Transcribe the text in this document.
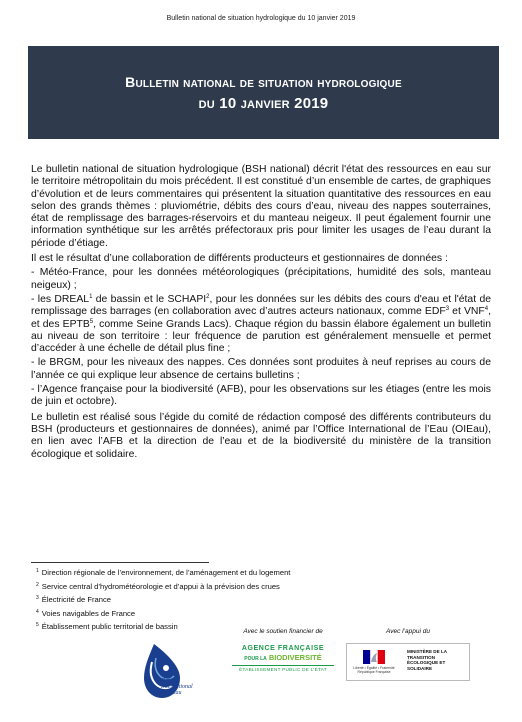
Bulletin national de situation hydrologique du 10 janvier 2019
Bulletin national de situation hydrologique
du 10 janvier 2019

Le bulletin national de situation hydrologique (BSH national) décrit l'état des ressources en eau sur le territoire métropolitain du mois précédent. Il est constitué d’un ensemble de cartes, de graphiques d’évolution et de leurs commentaires qui présentent la situation quantitative des ressources en eau selon des grands thèmes : pluviométrie, débits des cours d’eau, niveau des nappes souterraines, état de remplissage des barrages-réservoirs et du manteau neigeux. Il peut également fournir une information synthétique sur les arrêtés préfectoraux pris pour limiter les usages de l’eau durant la période d’étiage.

Il est le résultat d’une collaboration de différents producteurs et gestionnaires de données :

- Météo-France, pour les données météorologiques (précipitations, humidité des sols, manteau neigeux) ;

- les DREAL$^1$ de bassin et le SCHAPI$^2$, pour les données sur les débits des cours d'eau et l'état de remplissage des barrages (en collaboration avec d’autres acteurs nationaux, comme EDF$^3$ et VNF$^4$, et des EPTB$^5$, comme Seine Grands Lacs). Chaque région du bassin élabore également un bulletin au niveau de son territoire : leur fréquence de parution est généralement mensuelle et permet d’accéder à une échelle de détail plus fine ;

- le BRGM, pour les niveaux des nappes. Ces données sont produites à neuf reprises au cours de l’année ce qui explique leur absence de certains bulletins ;

- l’Agence française pour la biodiversité (AFB), pour les observations sur les étiages (entre les mois de juin et octobre).

Le bulletin est réalisé sous l’égide du comité de rédaction composé des différents contributeurs du BSH (producteurs et gestionnaires de données), animé par l’Office International de l’Eau (OIEau), en lien avec l’AFB et la direction de l’eau et de la biodiversité du ministère de la transition écologique et solidaire.

$^1$ Direction régionale de l’environnement, de l’aménagement et du logement
$^2$ Service central d’hydrométéorologie et d’appui à la prévision des crues
$^3$ Électricité de France
$^4$ Voies navigables de France
$^5$ Établissement public territorial de bassin
Avec le soutien financier de	Avec l’appui du
Office
International
de l’Eau
AGENCE FRANÇAISE
POUR LA BIODIVERSITÉ
ÉTABLISSEMENT PUBLIC DE L’ÉTAT	Liberté • Égalité • Fraternité
République Française
MINISTÈRE DE LA TRANSITION ÉCOLOGIQUE ET SOLIDAIRE
